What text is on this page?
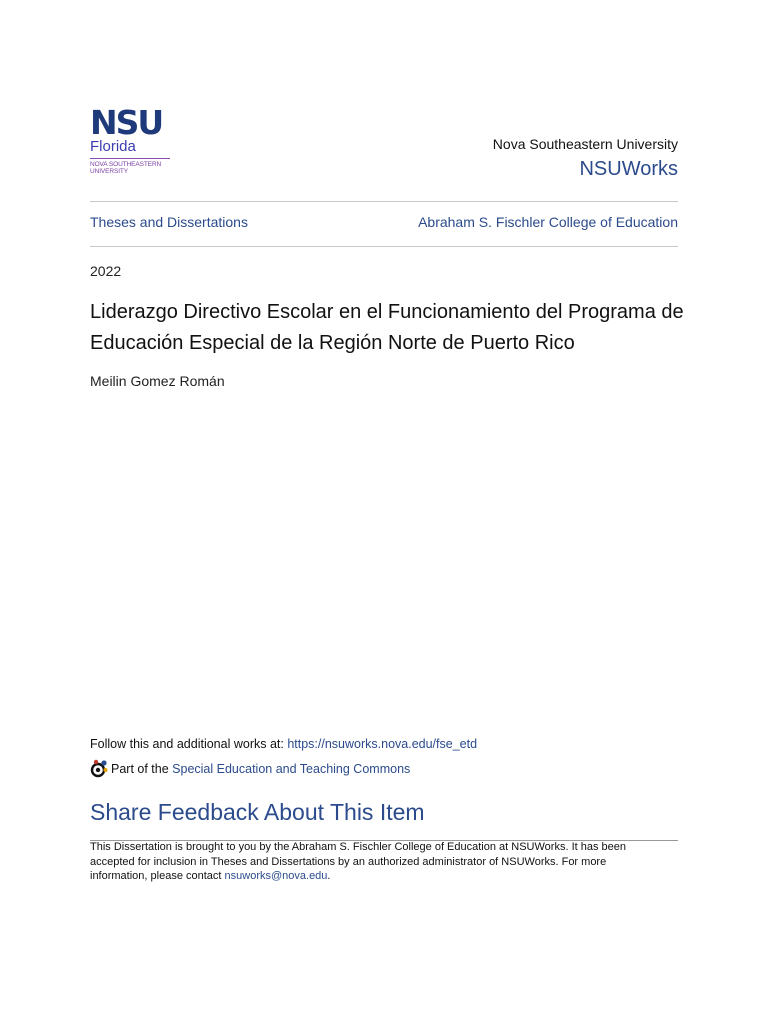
NSU
Florida
NOVA SOUTHEASTERN
UNIVERSITY
Nova Southeastern University
NSUWorks
Theses and Dissertations	Abraham S. Fischler College of Education
2022
Liderazgo Directivo Escolar en el Funcionamiento del Programa de Educación Especial de la Región Norte de Puerto Rico
Meilin Gomez Román
Follow this and additional works at: https://nsuworks.nova.edu/fse_etd
Part of the Special Education and Teaching Commons
Share Feedback About This Item
This Dissertation is brought to you by the Abraham S. Fischler College of Education at NSUWorks. It has been accepted for inclusion in Theses and Dissertations by an authorized administrator of NSUWorks. For more information, please contact nsuworks@nova.edu.
